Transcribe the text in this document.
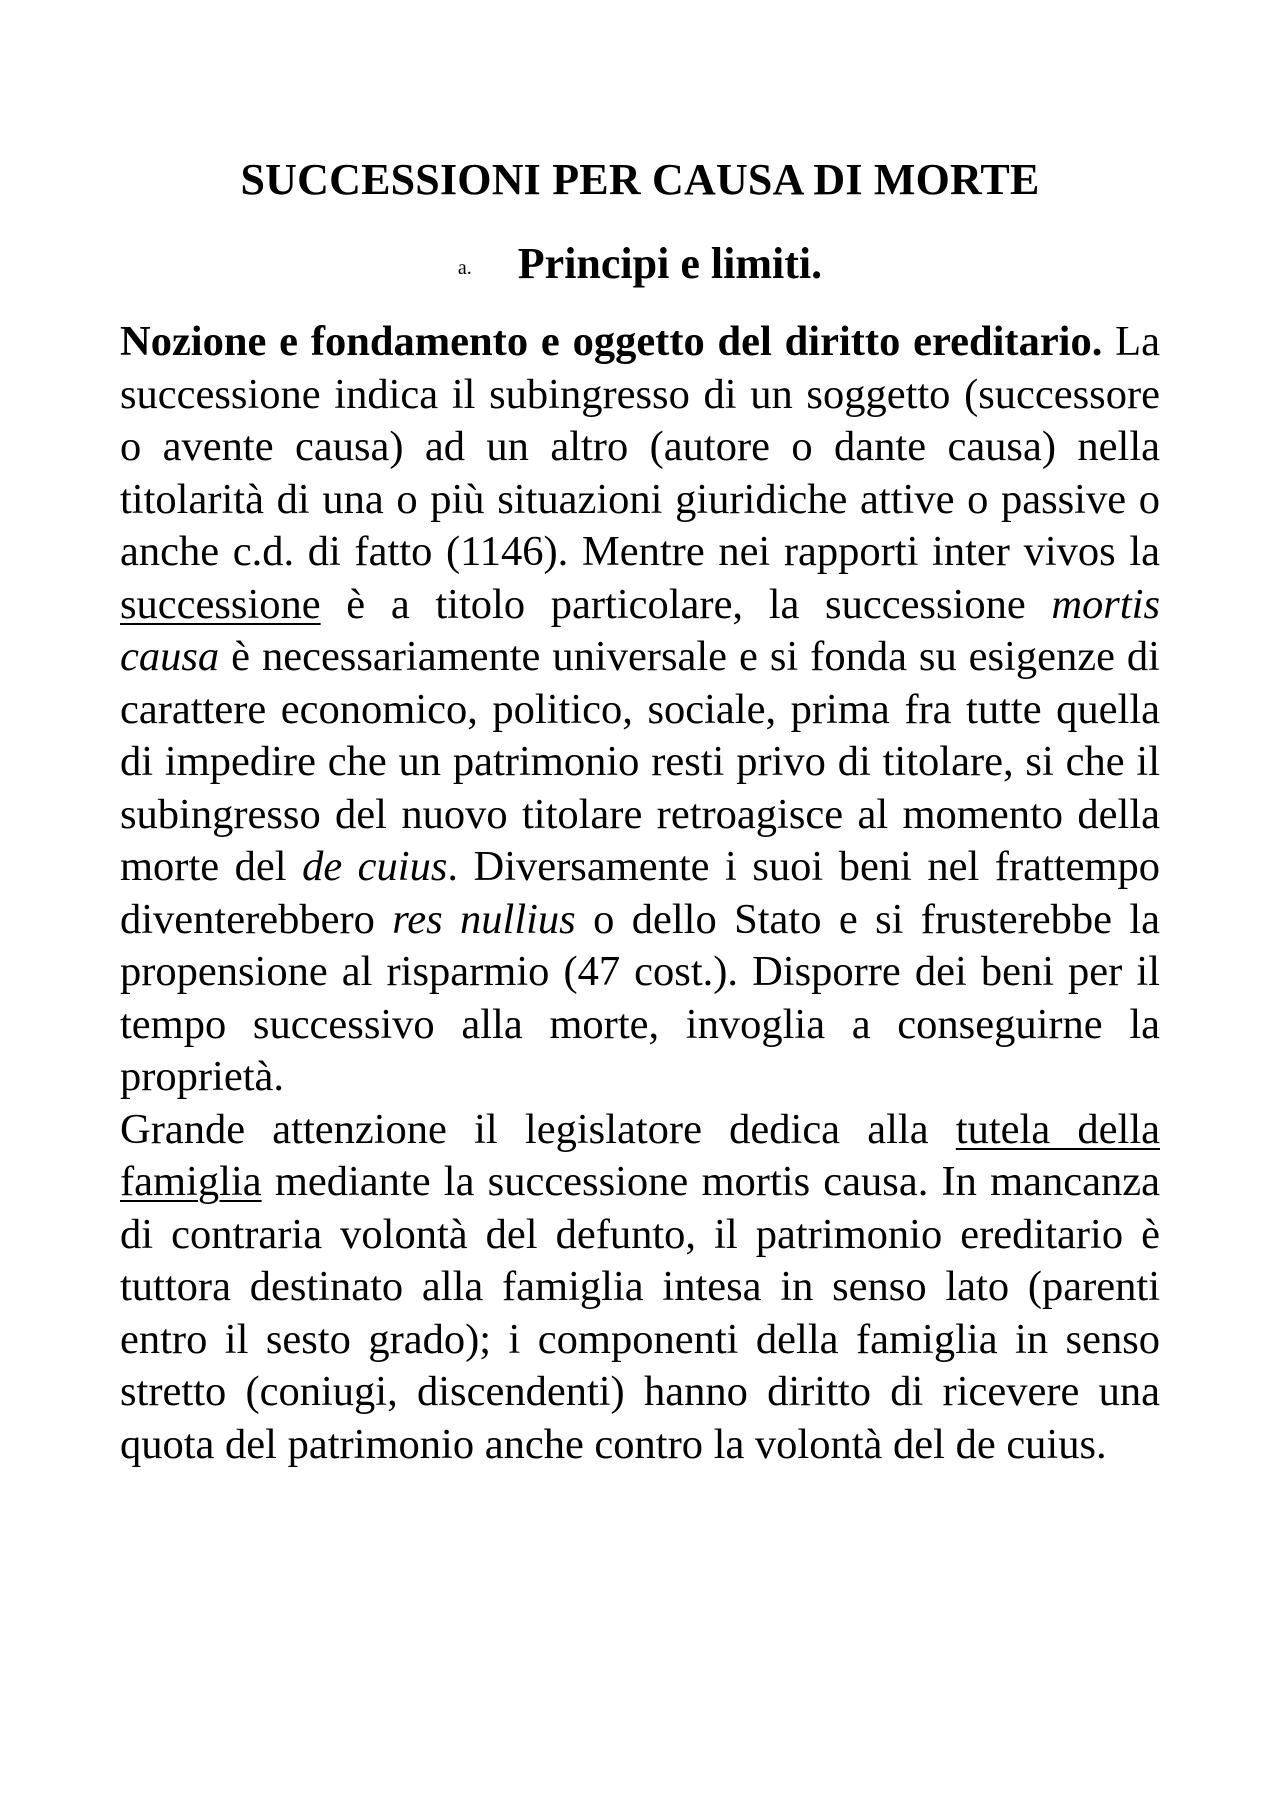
SUCCESSIONI PER CAUSA DI MORTE
a. Principi e limiti.

Nozione e fondamento e oggetto del diritto ereditario. La successione indica il subingresso di un soggetto (successore o avente causa) ad un altro (autore o dante causa) nella titolarità di una o più situazioni giuridiche attive o passive o anche c.d. di fatto (1146). Mentre nei rapporti inter vivos la successione è a titolo particolare, la successione mortis causa è necessariamente universale e si fonda su esigenze di carattere economico, politico, sociale, prima fra tutte quella di impedire che un patrimonio resti privo di titolare, si che il subingresso del nuovo titolare retroagisce al momento della morte del de cuius. Diversamente i suoi beni nel frattempo diventerebbero res nullius o dello Stato e si frusterebbe la propensione al risparmio (47 cost.). Disporre dei beni per il tempo successivo alla morte, invoglia a conseguirne la proprietà.

Grande attenzione il legislatore dedica alla tutela della famiglia mediante la successione mortis causa. In mancanza di contraria volontà del defunto, il patrimonio ereditario è tuttora destinato alla famiglia intesa in senso lato (parenti entro il sesto grado); i componenti della famiglia in senso stretto (coniugi, discendenti) hanno diritto di ricevere una quota del patrimonio anche contro la volontà del de cuius.
